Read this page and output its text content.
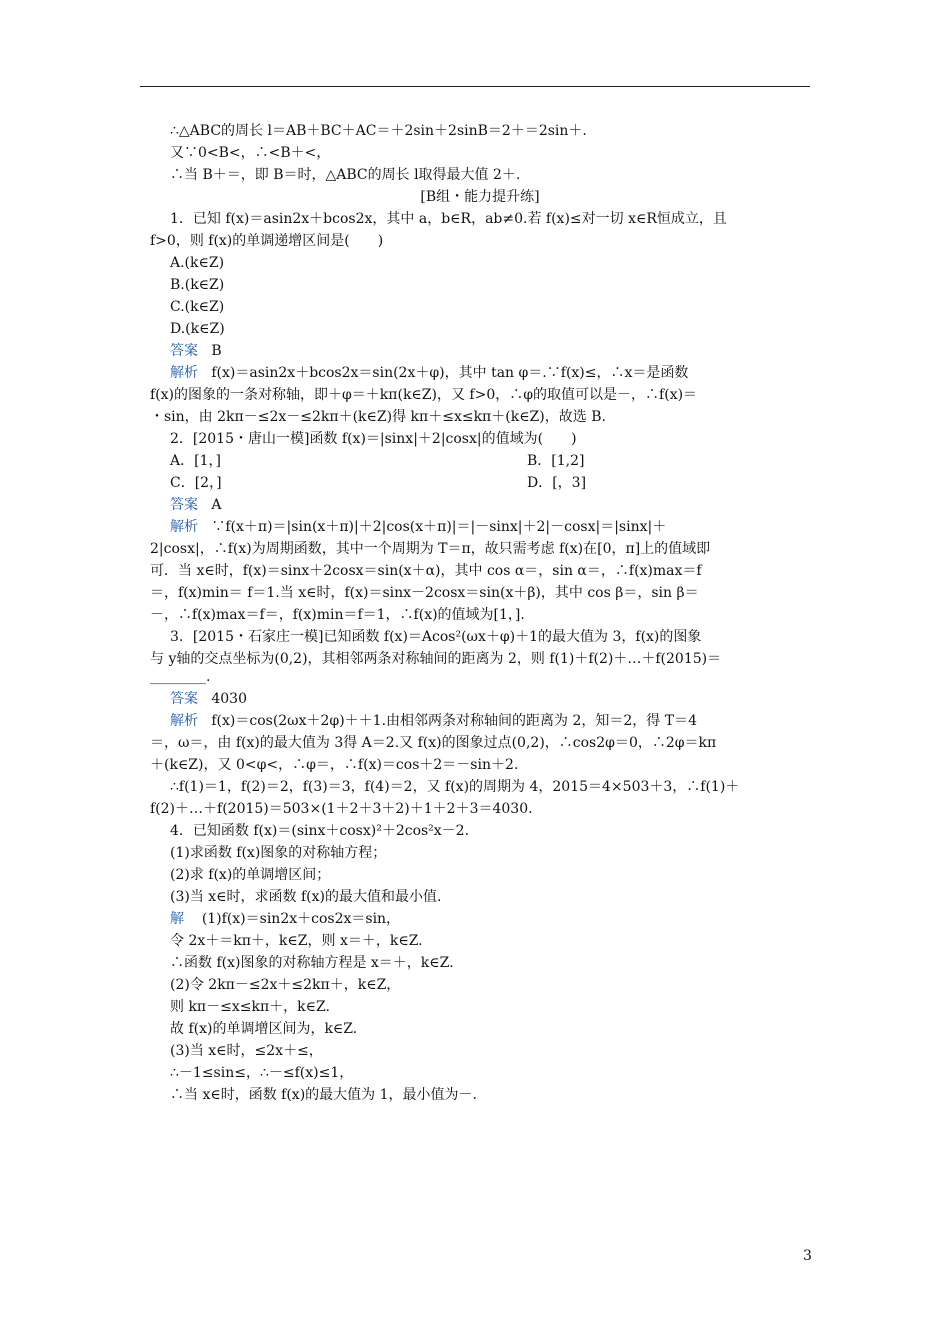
∴△ABC的周长 l＝AB＋BC＋AC＝＋2sin＋2sinB＝2＋＝2sin＋.
又∵0<B<，∴<B＋<，
∴当 B＋＝，即 B＝时，△ABC的周长 l取得最大值 2＋.
[B组・能力提升练]
1．已知 f(x)＝asin2x＋bcos2x，其中 a，b∈R，ab≠0.若 f(x)≤对一切 x∈R恒成立，且
f>0，则 f(x)的单调递增区间是(　　)
A.(k∈Z)
B.(k∈Z)
C.(k∈Z)
D.(k∈Z)
答案 B
解析 f(x)＝asin2x＋bcos2x＝sin(2x＋φ)，其中 tan φ＝.∵f(x)≤，∴x＝是函数
f(x)的图象的一条对称轴，即＋φ＝＋kπ(k∈Z)，又 f>0，∴φ的取值可以是－，∴f(x)＝
・sin，由 2kπ－≤2x－≤2kπ＋(k∈Z)得 kπ＋≤x≤kπ＋(k∈Z)，故选 B.
2．[2015・唐山一模]函数 f(x)＝|sinx|＋2|cosx|的值域为(　　)
A．[1，]	B．[1,2]
C．[2，]	D．[，3]
答案 A
解析 ∵f(x＋π)＝|sin(x＋π)|＋2|cos(x＋π)|＝|－sinx|＋2|－cosx|＝|sinx|＋
2|cosx|，∴f(x)为周期函数，其中一个周期为 T＝π，故只需考虑 f(x)在[0，π]上的值域即
可．当 x∈时，f(x)＝sinx＋2cosx＝sin(x＋α)，其中 cos α＝，sin α＝，∴f(x)max＝f
＝，f(x)min＝ f＝1.当 x∈时，f(x)＝sinx－2cosx＝sin(x＋β)，其中 cos β＝，sin β＝
－，∴f(x)max＝f＝，f(x)min＝f＝1，∴f(x)的值域为[1，].
3．[2015・石家庄一模]已知函数 f(x)＝Acos²(ωx＋φ)＋1的最大值为 3，f(x)的图象
与 y轴的交点坐标为(0,2)，其相邻两条对称轴间的距离为 2，则 f(1)＋f(2)＋…＋f(2015)＝
________.
答案 4030
解析 f(x)＝cos(2ωx＋2φ)＋＋1.由相邻两条对称轴间的距离为 2，知＝2，得 T＝4
＝，ω＝，由 f(x)的最大值为 3得 A＝2.又 f(x)的图象过点(0,2)，∴cos2φ＝0，∴2φ＝kπ
＋(k∈Z)，又 0<φ<，∴φ＝，∴f(x)＝cos＋2＝－sin＋2.
∴f(1)＝1，f(2)＝2，f(3)＝3，f(4)＝2，又 f(x)的周期为 4，2015＝4×503＋3，∴f(1)＋
f(2)＋…＋f(2015)＝503×(1＋2＋3＋2)＋1＋2＋3＝4030.
4．已知函数 f(x)＝(sinx＋cosx)²＋2cos²x－2.
(1)求函数 f(x)图象的对称轴方程；
(2)求 f(x)的单调增区间；
(3)当 x∈时，求函数 f(x)的最大值和最小值.
解 (1)f(x)＝sin2x＋cos2x＝sin，
令 2x＋＝kπ＋，k∈Z，则 x＝＋，k∈Z.
∴函数 f(x)图象的对称轴方程是 x＝＋，k∈Z.
(2)令 2kπ－≤2x＋≤2kπ＋，k∈Z，
则 kπ－≤x≤kπ＋，k∈Z.
故 f(x)的单调增区间为，k∈Z.
(3)当 x∈时，≤2x＋≤，
∴－1≤sin≤，∴－≤f(x)≤1，
∴当 x∈时，函数 f(x)的最大值为 1，最小值为－.
3
